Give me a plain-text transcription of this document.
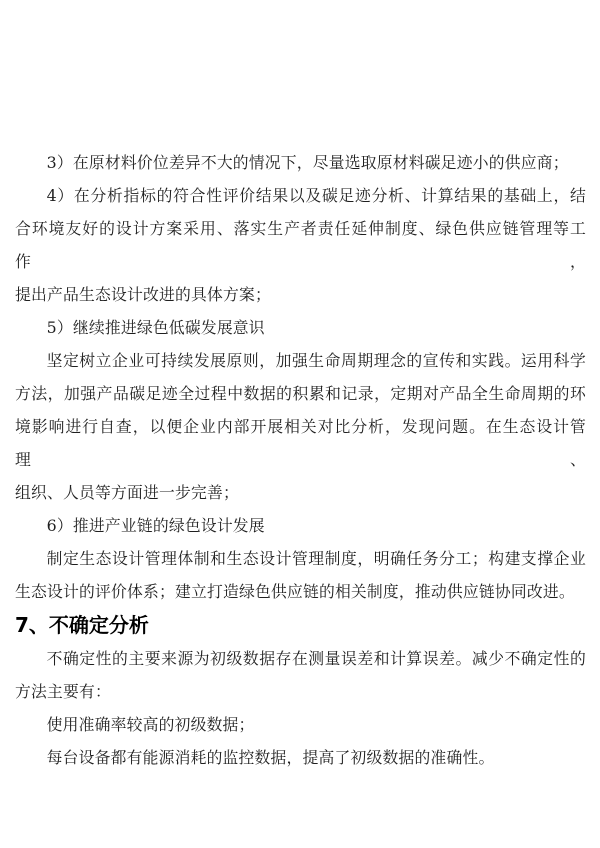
3）在原材料价位差异不大的情况下，尽量选取原材料碳足迹小的供应商；
4）在分析指标的符合性评价结果以及碳足迹分析、计算结果的基础上，结
合环境友好的设计方案采用、落实生产者责任延伸制度、绿色供应链管理等工作，
提出产品生态设计改进的具体方案；
5）继续推进绿色低碳发展意识
坚定树立企业可持续发展原则，加强生命周期理念的宣传和实践。运用科学
方法，加强产品碳足迹全过程中数据的积累和记录，定期对产品全生命周期的环
境影响进行自查，以便企业内部开展相关对比分析，发现问题。在生态设计管理、
组织、人员等方面进一步完善；
6）推进产业链的绿色设计发展
制定生态设计管理体制和生态设计管理制度，明确任务分工；构建支撑企业
生态设计的评价体系；建立打造绿色供应链的相关制度，推动供应链协同改进。
7、不确定分析
不确定性的主要来源为初级数据存在测量误差和计算误差。减少不确定性的
方法主要有：
使用准确率较高的初级数据；
每台设备都有能源消耗的监控数据，提高了初级数据的准确性。
